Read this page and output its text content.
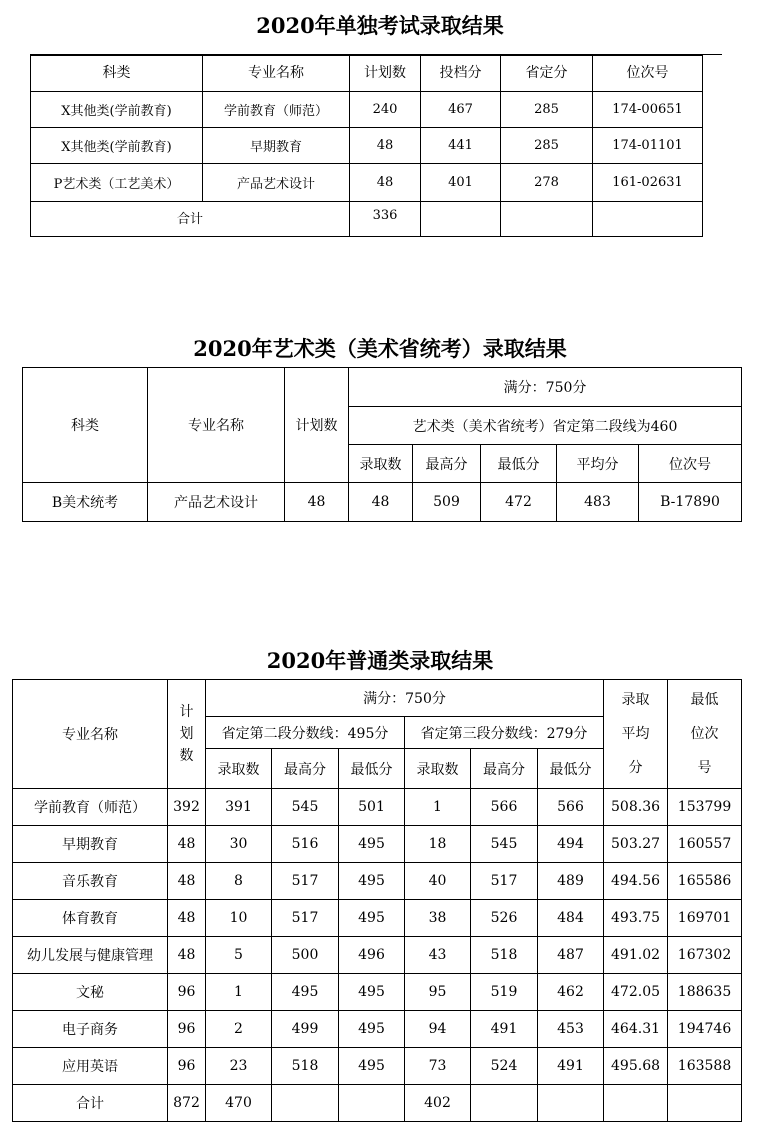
2020年单独考试录取结果
科类	专业名称	计划数	投档分	省定分	位次号
X其他类(学前教育)	学前教育（师范）	240	467	285	174-00651
X其他类(学前教育)	早期教育	48	441	285	174-01101
P艺术类（工艺美术）	产品艺术设计	48	401	278	161-02631
合计		336			
2020年艺术类（美术省统考）录取结果
科类	专业名称	计划数	满分：750分				
			艺术类（美术省统考）省定第二段线为460				
			录取数	最高分	最低分	平均分	位次号
B美术统考	产品艺术设计	48	48	509	472	483	B-17890
2020年普通类录取结果
专业名称	计划数	满分：750分						录取平均分	最低位次号
		省定第二段分数线：495分			省定第三段分数线：279分				
		录取数	最高分	最低分	录取数	最高分	最低分		
学前教育（师范）	392	391	545	501	1	566	566	508.36	153799
早期教育	48	30	516	495	18	545	494	503.27	160557
音乐教育	48	8	517	495	40	517	489	494.56	165586
体育教育	48	10	517	495	38	526	484	493.75	169701
幼儿发展与健康管理	48	5	500	496	43	518	487	491.02	167302
文秘	96	1	495	495	95	519	462	472.05	188635
电子商务	96	2	499	495	94	491	453	464.31	194746
应用英语	96	23	518	495	73	524	491	495.68	163588
合计	872	470			402				
